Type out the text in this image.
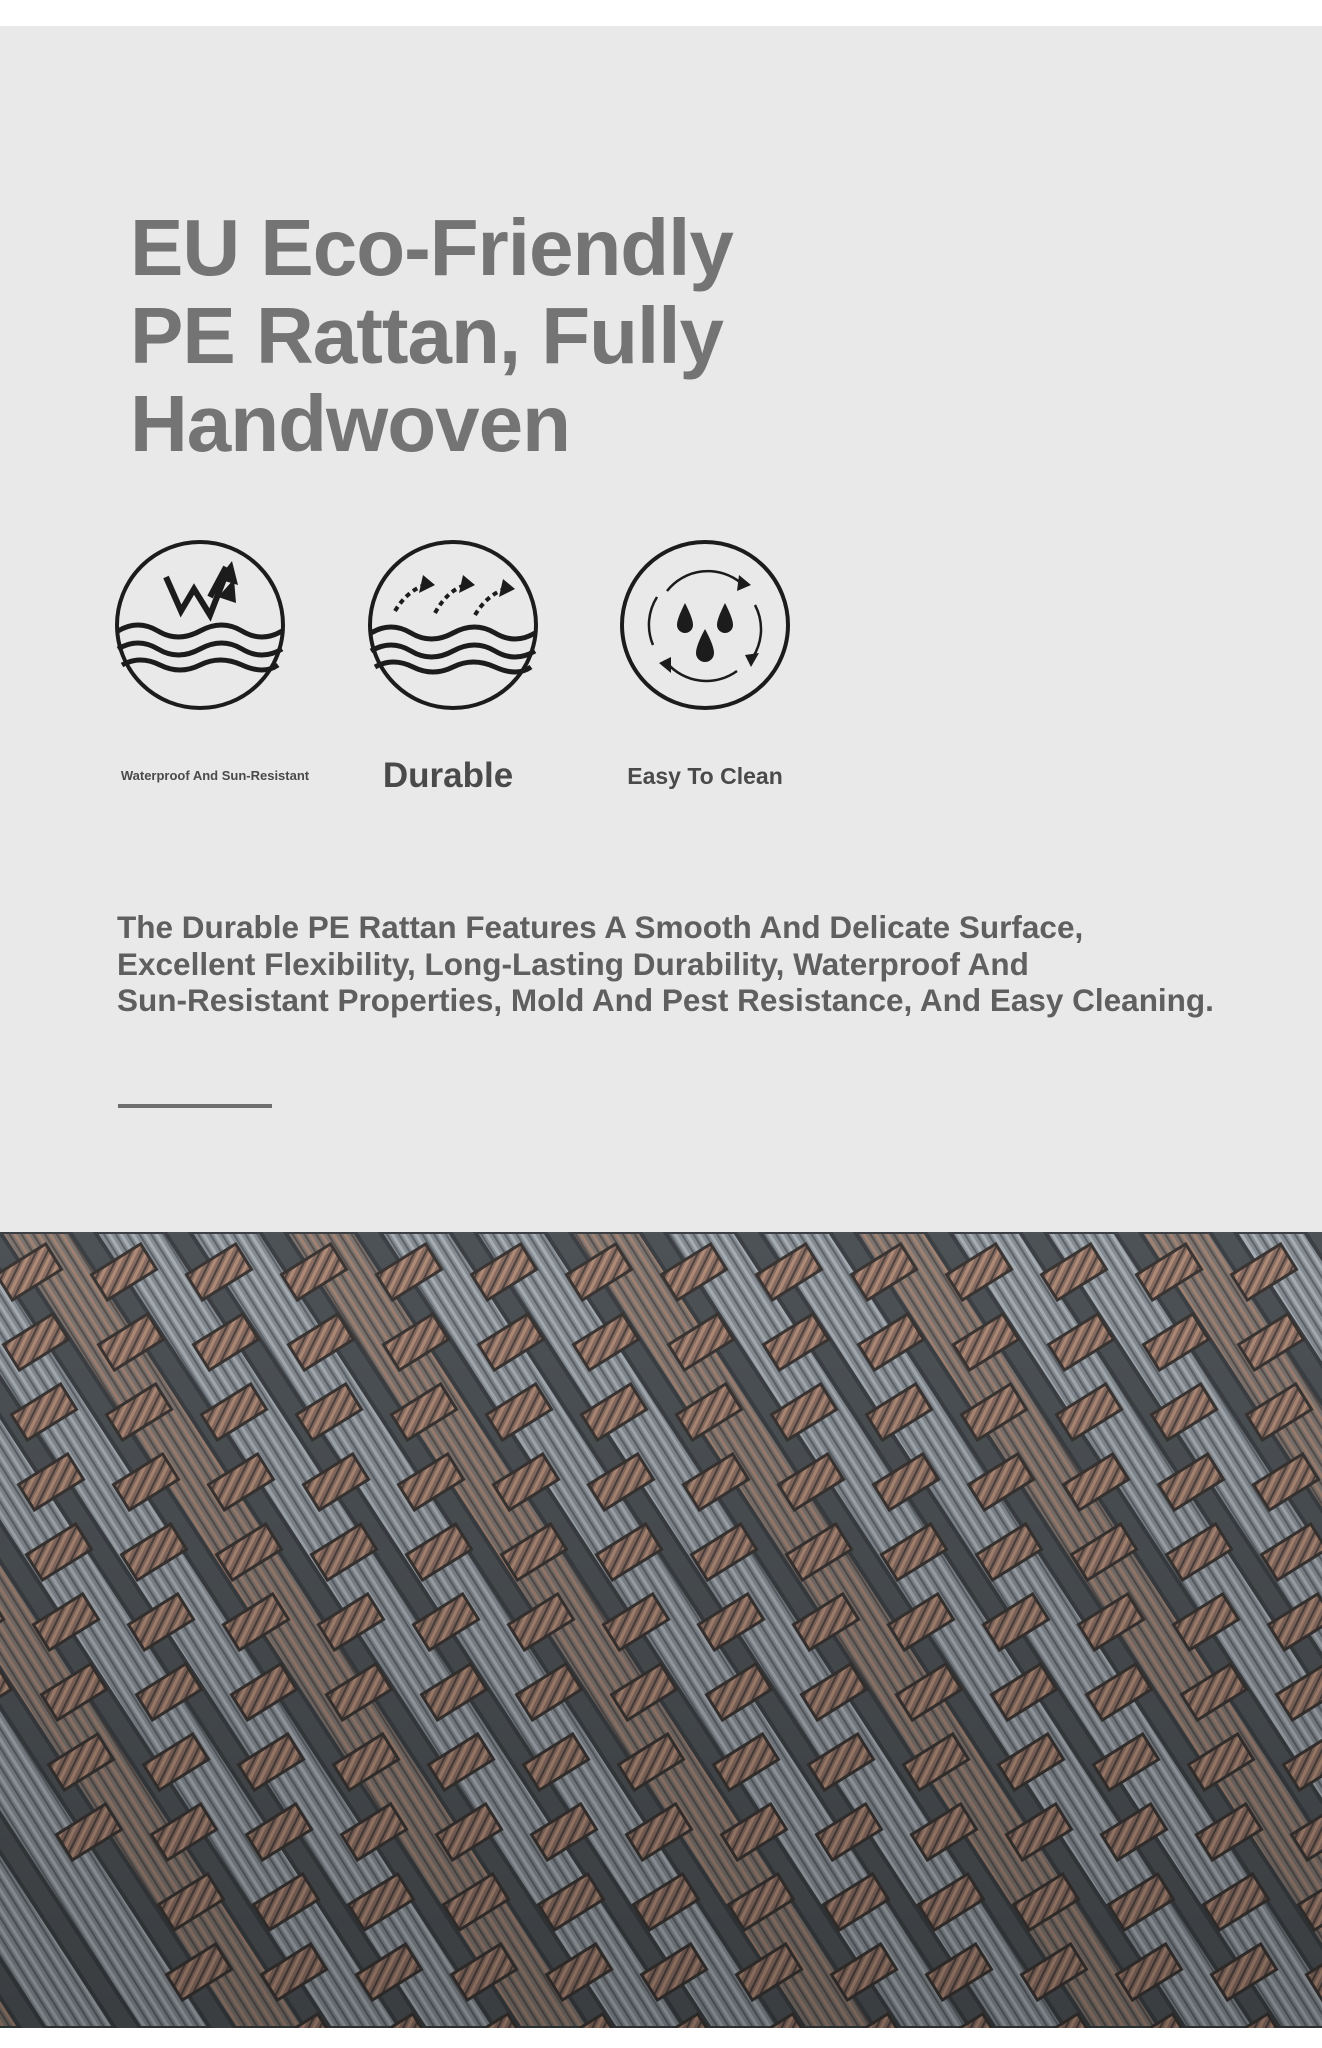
EU Eco-Friendly
PE Rattan, Fully
Handwoven
Waterproof And Sun-Resistant	Durable	Easy To Clean

The Durable PE Rattan Features A Smooth And Delicate Surface,
Excellent Flexibility, Long-Lasting Durability, Waterproof And
Sun-Resistant Properties, Mold And Pest Resistance, And Easy Cleaning.
